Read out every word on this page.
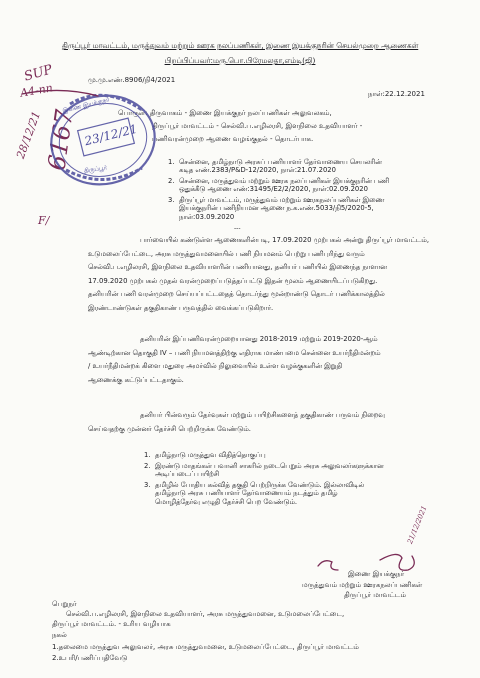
திருப்பூர் மாவட்டம், மருத்துவம் மற்றும் ஊரக நலப்பணிகள், இணை இயக்குநரின் செயல்முறை ஆணைகள்
பிறப்பிப்பவர்:மரு.பொ.பிரேமலதா,எம்டி(ஜி)
மு.மு.எண்.8906/நி4/2021
நாள்:22.12.2021
பொருள்: திருவாகம் - இணை இயக்குநர் நலப்பணிகள் அலுவலகம்,
திருப்பூர் மாவட்டம் - செல்வி.ப.எழிலரசி, இளநிலை உதவியாளர் -
பணிவரன்முறை ஆணை வழங்குதல் - தொடர்பாக.
1. சென்னை, தமிழ்நாடு அரசுப் பணியாளர் தேர்வாணைய செயலரின்
கடித எண்.2383/P&D-12/2020, நாள்:21.07.2020
2. சென்னை, மருத்துவம் மற்றும் ஊரக நலப்பணிகள் இயக்குநரின் பணி
ஒதுக்கீடு ஆணை எண்:31495/E2/2/2020, நாள்:02.09.2020
3. திருப்பூர் மாவட்டம், மருத்துவம் மற்றும் ஊரகநலப்பணிகள் இணை
இயக்குநரின் பணிநியமன ஆணை ந.க.எண்.5033/நி5/2020-5,
நாள்:03.09.2020
---
பார்வையில் கண்டுள்ள ஆணைகளின்படி, 17.09.2020 முற்பகல் அன்று திருப்பூர் மாவட்டம்,
உடுமலைப்பேட்டை, அரசு மருத்துவமனையில் பணி நியமனம் பெற்று பணிபுரிந்து வரும்
செல்வி.ப.எழிலரசி, இளநிலை உதவியாளரின் பணியானது, தனியர் பணியில் இணைந்த நாளான
17.09.2020 முற்பகல் முதல் வரன்முறைப்படுத்தப்பட்டு இதன் மூலம் ஆணையிடப்படுகிறது.
தனியரின் பணி வரன்முறை செய்யப்பட்டதைத் தொடர்ந்து மூன்றாண்டு தொடர் பணிக்காலத்தில்
இரண்டாண்டுகள் தகுதிகாண் பருவத்தில் வைக்கப்படுகிறார்.
தனியரின் இப்பணிவரன்முறையானது 2018-2019 மற்றும் 2019-2020-ஆம்
ஆண்டிற்கான தொகுதி IV – பணி நியமனத்திற்கு எதிராக மாண்பமை சென்னை உயர்நீதிமன்றம்
/ உயர்நீதிமன்றக் கிளை மதுரை அமர்வில் நிலுவையில் உள்ள வழக்குகளின் இறுதி
ஆணைக்கு கட்டுப்பட்டதாகும்.
தனியர் பின்வரும் தேர்வுகள் மற்றும் பயிற்சிகளைத் தகுதிகாண் பருவம் நிறைவு
செய்வதற்கு முன்னர் தேர்ச்சி பெற்றிருக்க வேண்டும்.
1. தமிழ்நாடு மருத்துவ விதித்தொகுப்பு
2. இரண்டு மாதங்கள் பவானி சாகரில் நடைபெறும் அரசு அலுவலர்களுக்கான
அடிப்படைப் பயிற்சி
3. தமிழில் போதிய கல்வித் தகுதி பெற்றிருக்க வேண்டும். இல்லாவிடில்
தமிழ்நாடு அரசு பணியாளர் தேர்வாணையம் நடத்தும் தமிழ்
மொழித்தேர்வு எழுதி தேர்ச்சி பெற வேண்டும்.
இணை இயக்குநர்
மருத்துவம் மற்றும் ஊரகநலப்பணிகள்
திருப்பூர் மாவட்டம்
21/12/2021
பெறுநர்
செல்வி.ப.எழிலரசி, இளநிலை உதவியாளர், அரசு மருத்துவமனை, உடுமலைப்பேட்டை,
திருப்பூர் மாவட்டம். - உரிய வழியாக
நகல்
1.தலைமை மருத்துவ அலுவலர், அரசு மருத்துவமனை, உடுமலைப்பேட்டை, திருப்பூர் மாவட்டம்
2.உபரி/பணிப்பதிவேடு
SUP
A4-nn
6167
28/12/21
F/
23/12/21
இணை இயக்குநர்
திருப்பூர்
